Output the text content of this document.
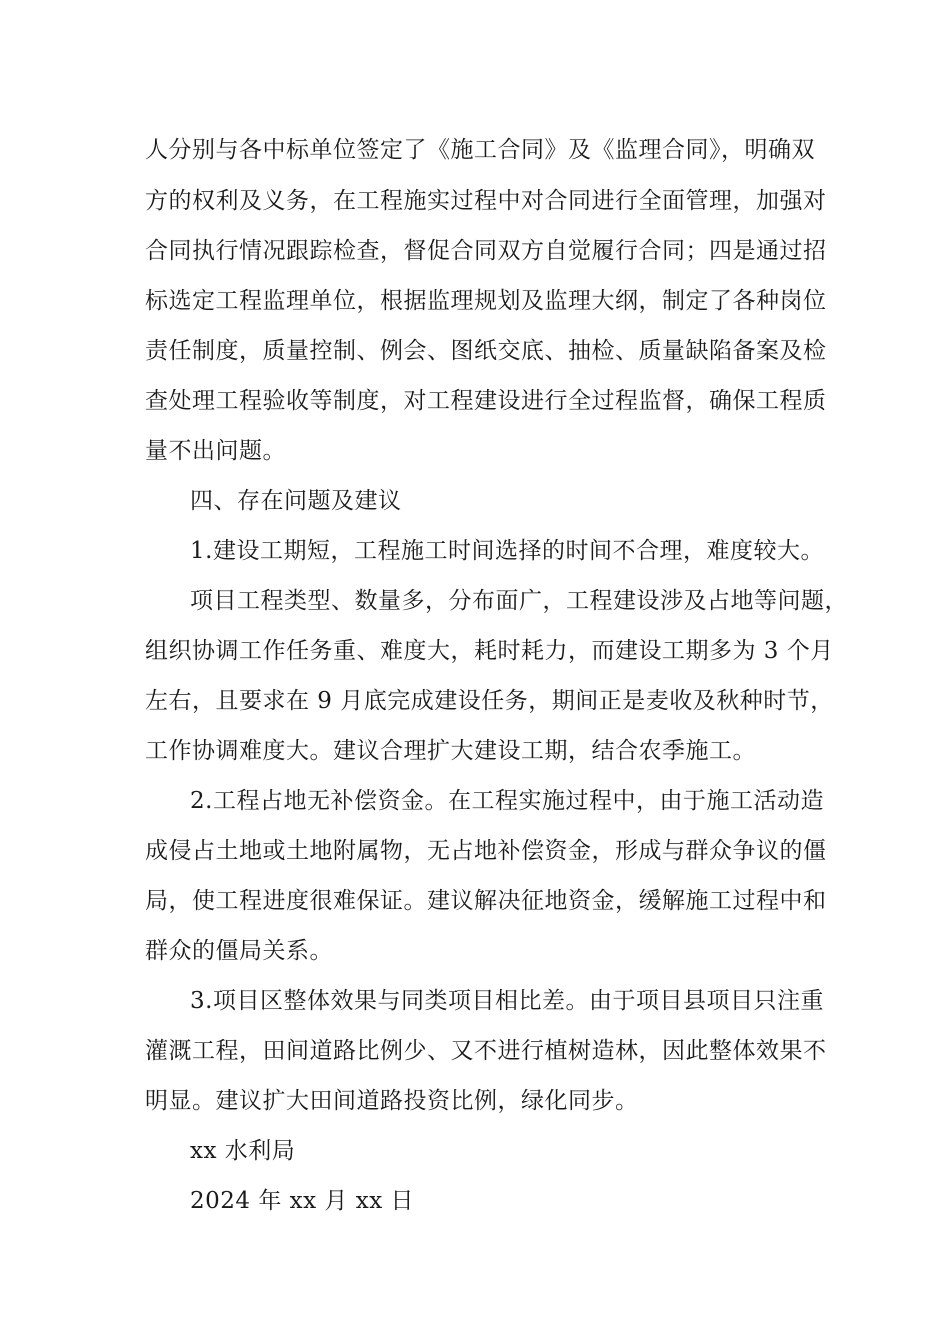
人分别与各中标单位签定了《施工合同》及《监理合同》，明确双
方的权利及义务，在工程施实过程中对合同进行全面管理，加强对
合同执行情况跟踪检查，督促合同双方自觉履行合同；四是通过招
标选定工程监理单位，根据监理规划及监理大纲，制定了各种岗位
责任制度，质量控制、例会、图纸交底、抽检、质量缺陷备案及检
查处理工程验收等制度，对工程建设进行全过程监督，确保工程质
量不出问题。
四、存在问题及建议
1.建设工期短，工程施工时间选择的时间不合理，难度较大。
项目工程类型、数量多，分布面广，工程建设涉及占地等问题，
组织协调工作任务重、难度大，耗时耗力，而建设工期多为 3 个月
左右，且要求在 9 月底完成建设任务，期间正是麦收及秋种时节，
工作协调难度大。建议合理扩大建设工期，结合农季施工。
2.工程占地无补偿资金。在工程实施过程中，由于施工活动造
成侵占土地或土地附属物，无占地补偿资金，形成与群众争议的僵
局，使工程进度很难保证。建议解决征地资金，缓解施工过程中和
群众的僵局关系。
3.项目区整体效果与同类项目相比差。由于项目县项目只注重
灌溉工程，田间道路比例少、又不进行植树造林，因此整体效果不
明显。建议扩大田间道路投资比例，绿化同步。
xx 水利局
2024 年 xx 月 xx 日
